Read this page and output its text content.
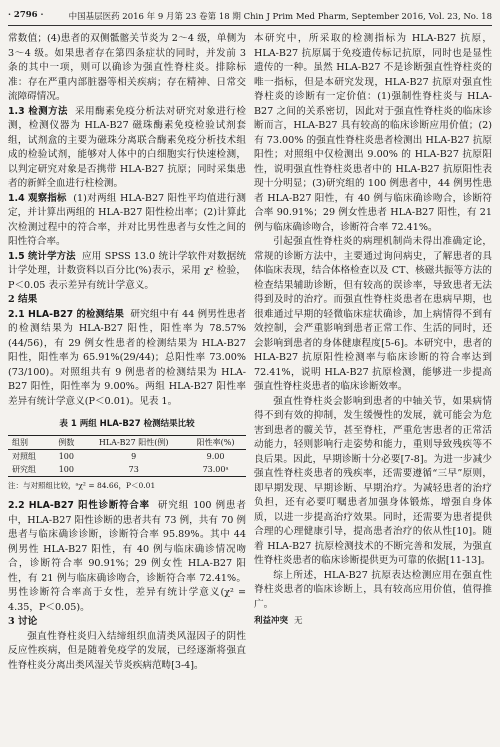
· 2796 ·	中国基层医药 2016 年 9 月第 23 卷第 18 期 Chin J Prim Med Pharm, September 2016, Vol. 23, No. 18

常数值；(4)患者的双侧骶髂关节炎为 2～4 级，单侧为 3～4 级。如果患者存在第四条症状的同时，并发前 3 条的其中一项，则可以确诊为强直性脊柱炎。排除标准：存在严重内部脏器等相关疾病；存在精神、日常交流障碍情况。

1.3 检测方法 采用酶素免疫分析法对研究对象进行检测，检测仪器为 HLA-B27 磁珠酶素免疫检验试剂套组，试剂盒的主要为磁珠分离联合酶素免疫分析技术组成的检验试剂，能够对人体中的白细胞实行快速检测，以判定研究对象是否携带 HLA-B27 抗原；同时采集患者的新鲜全血进行柱检测。

1.4 观察指标 (1)对两组 HLA-B27 阳性平均值进行测定，并计算出两组的 HLA-B27 阳性检出率；(2)计算此次检测过程中的符合率，并对比男性患者与女性之间的阳性符合率。

1.5 统计学方法 应用 SPSS 13.0 统计学软件对数据统计学处理，计数资料以百分比(%)表示，采用 χ² 检验，P＜0.05 表示差异有统计学意义。

2 结果

2.1 HLA-B27 的检测结果 研究组中有 44 例男性患者的检测结果为 HLA-B27 阳性，阳性率为 78.57%(44/56)，有 29 例女性患者的检测结果为 HLA-B27 阳性，阳性率为 65.91%(29/44)；总阳性率 73.00%(73/100)。对照组共有 9 例患者的检测结果为 HLA-B27 阳性，阳性率为 9.00%。两组 HLA-B27 阳性率差异有统计学意义(P＜0.01)。见表 1。

表 1 两组 HLA-B27 检测结果比较
组别	例数	HLA-B27 阳性(例)	阳性率(%)
对照组	100	9	9.00
研究组	100	73	73.00ᵃ
注：与对照组比较，ᵃχ² = 84.66，P＜0.01

2.2 HLA-B27 阳性诊断符合率 研究组 100 例患者中，HLA-B27 阳性诊断的患者共有 73 例，共有 70 例患者与临床确诊诊断，诊断符合率 95.89%。其中 44 例男性 HLA-B27 阳性，有 40 例与临床确诊情况吻合，诊断符合率 90.91%；29 例女性 HLA-B27 阳性，有 21 例与临床确诊吻合，诊断符合率 72.41%。男性诊断符合率高于女性，差异有统计学意义(χ² = 4.35，P＜0.05)。

3 讨论

强直性脊柱炎归入结缔组织血清类风湿因子的阴性反应性疾病，但是随着免疫学的发展，已经逐渐将强直性脊柱炎分离出类风湿关节炎疾病范畴[3-4]。

本研究中，所采取的检测指标为 HLA-B27 抗原，HLA-B27 抗原属于免疫遗传标记抗原，同时也是显性遗传的一种。虽然 HLA-B27 不是诊断强直性脊柱炎的唯一指标，但是本研究发现，HLA-B27 抗原对强直性脊柱炎的诊断有一定价值：(1)强制性脊柱炎与 HLA-B27 之间的关系密切，因此对于强直性脊柱炎的临床诊断而言，HLA-B27 具有较高的临床诊断应用价值；(2)有 73.00% 的强直性脊柱炎患者检测出 HLA-B27 抗原阳性；对照组中仅检测出 9.00% 的 HLA-B27 抗原阳性，说明强直性脊柱炎患者中的 HLA-B27 抗原阳性表现十分明显；(3)研究组的 100 例患者中，44 例男性患者 HLA-B27 阳性，有 40 例与临床确诊吻合，诊断符合率 90.91%；29 例女性患者 HLA-B27 阳性，有 21 例与临床确诊吻合，诊断符合率 72.41%。

引起强直性脊柱炎的病理机制尚未得出准确定论，常规的诊断方法中，主要通过询问病史，了解患者的具体临床表现，结合体格检查以及 CT、核磁共振等方法的检查结果辅助诊断，但有较高的误诊率，导致患者无法得到及时的治疗。而强直性脊柱炎患者在患病早期，也很难通过早期的轻微临床症状确诊，加上病情得不到有效控制，会严重影响到患者正常工作、生活的同时，还会影响到患者的身体健康程度[5-6]。本研究中，患者的 HLA-B27 抗原阳性检测率与临床诊断的符合率达到 72.41%，说明 HLA-B27 抗原检测，能够进一步提高强直性脊柱炎患者的临床诊断效率。

强直性脊柱炎会影响到患者的中轴关节，如果病情得不到有效的抑制，发生缓慢性的发展，就可能会为危害到患者的髋关节，甚至脊柱，严重危害患者的正常活动能力，轻则影响行走姿势和能力，重则导致残疾等不良后果。因此，早期诊断十分必要[7-8]。为进一步减少强直性脊柱炎患者的残疾率，还需要遵循“三早”原则，即早期发现、早期诊断、早期治疗。为减轻患者的治疗负担，还有必要叮嘱患者加强身体锻炼，增强自身体质，以进一步提高治疗效果。同时，还需要为患者提供合理的心理健康引导，提高患者治疗的依从性[10]。随着 HLA-B27 抗原检测技术的不断完善和发展，为强直性脊柱炎患者的临床诊断提供更为可靠的依据[11-13]。

综上所述，HLA-B27 抗原表达检测应用在强直性脊柱炎患者的临床诊断上，具有较高应用价值，值得推广。

利益冲突 无
